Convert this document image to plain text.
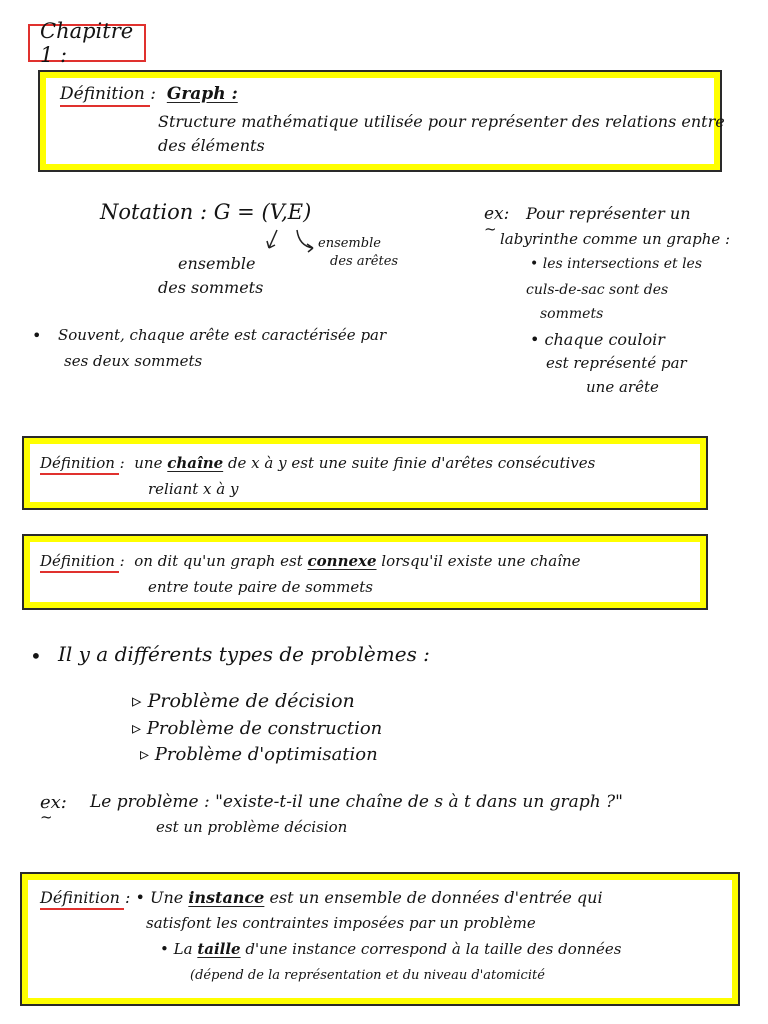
Chapitre 1 :
Définition : Graph :
Structure mathématique utilisée pour représenter des relations entre
des éléments
Notation : G = (V,E)
ensemble
des arêtes
ensemble
des sommets
• Souvent, chaque arête est caractérisée par
ses deux sommets
ex:
~
Pour représenter un
labyrinthe comme un graphe :
• les intersections et les
culs-de-sac sont des
sommets
• chaque couloir
est représenté par
une arête
Définition : une chaîne de x à y est une suite finie d'arêtes consécutives
reliant x à y
Définition : on dit qu'un graph est connexe lorsqu'il existe une chaîne
entre toute paire de sommets
• Il y a différents types de problèmes :
▹ Problème de décision
▹ Problème de construction
▹ Problème d'optimisation
ex:
~
Le problème : "existe-t-il une chaîne de s à t dans un graph ?"
est un problème décision
Définition : • Une instance est un ensemble de données d'entrée qui
satisfont les contraintes imposées par un problème
• La taille d'une instance correspond à la taille des données
(dépend de la représentation et du niveau d'atomicité
